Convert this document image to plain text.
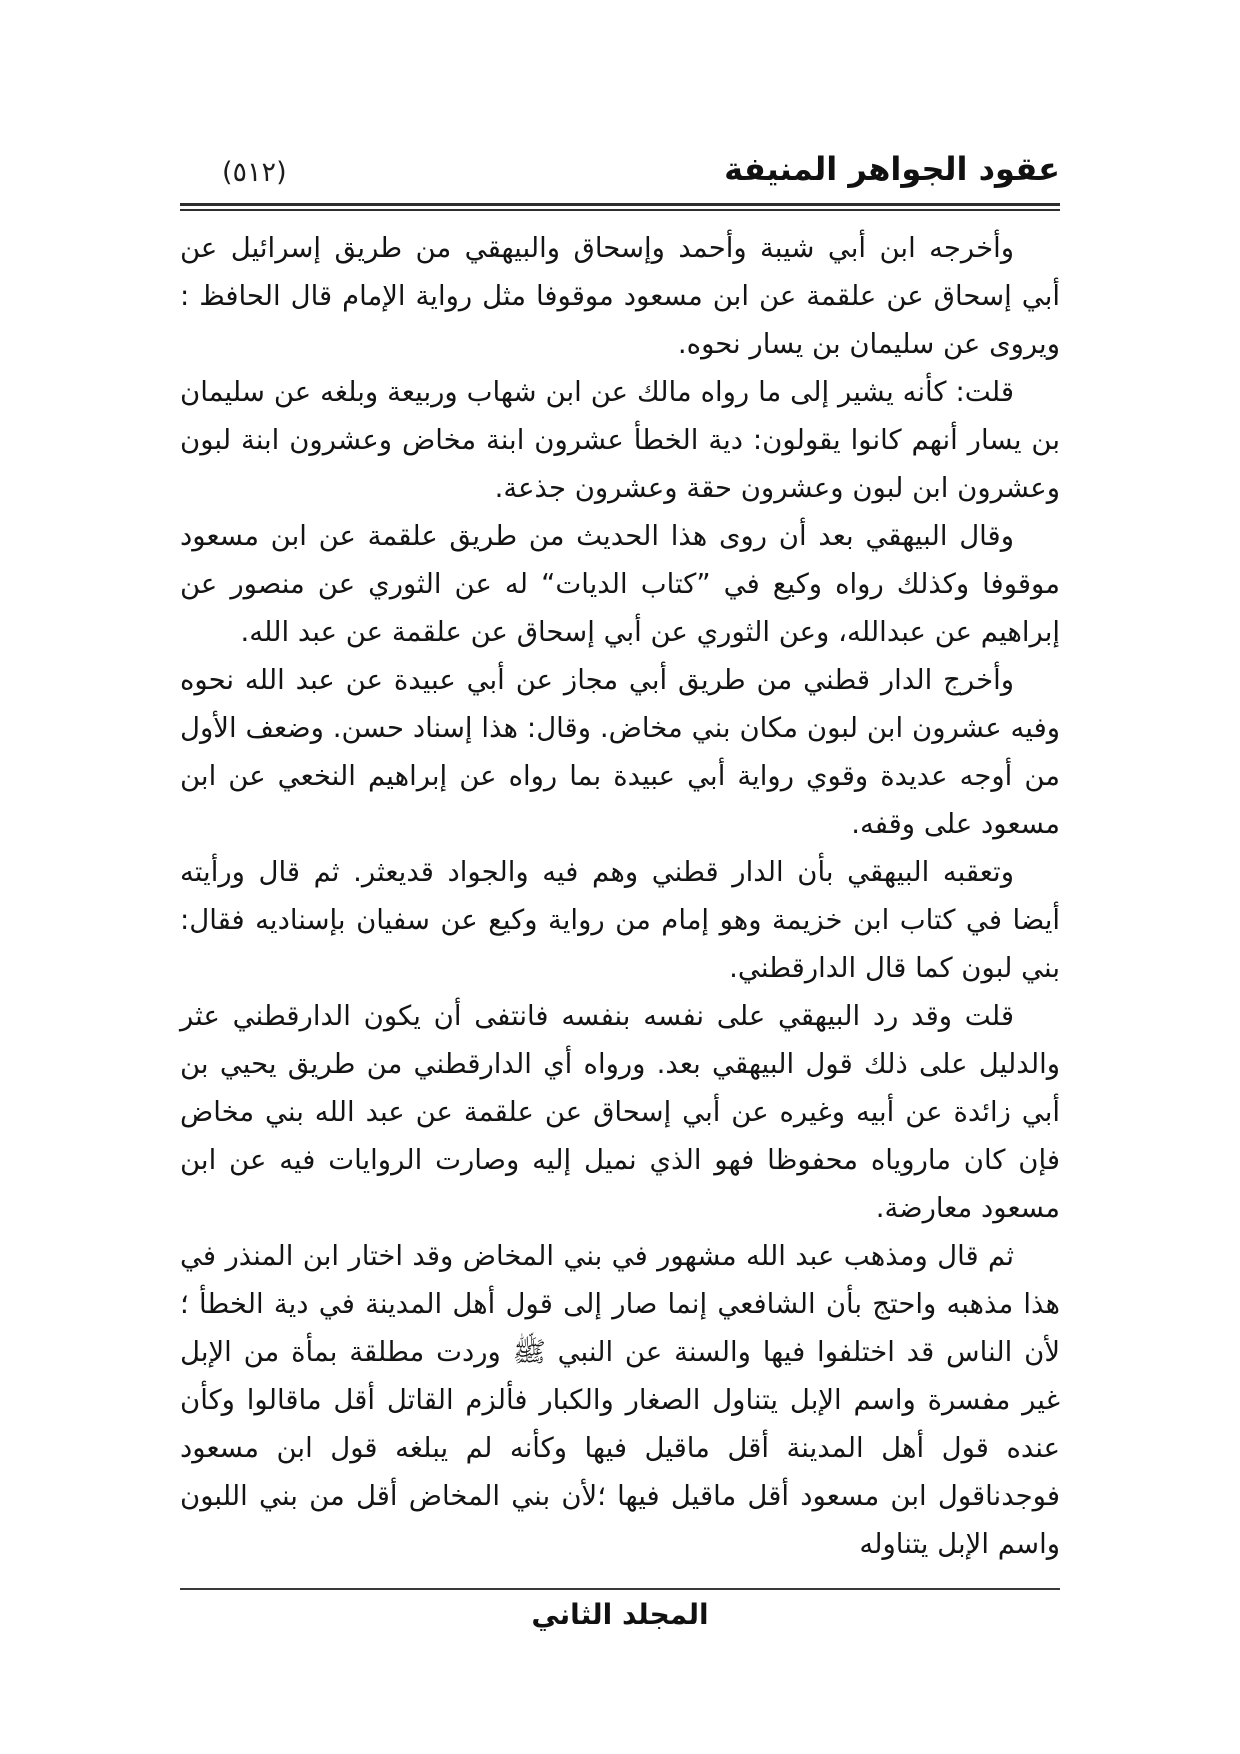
عقود الجواهر المنيفة
(٥١٢)

وأخرجه ابن أبي شيبة وأحمد وإسحاق والبيهقي من طريق إسرائيل عن أبي إسحاق عن علقمة عن ابن مسعود موقوفا مثل رواية الإمام قال الحافظ : ويروى عن سليمان بن يسار نحوه.

قلت: كأنه يشير إلى ما رواه مالك عن ابن شهاب وربيعة وبلغه عن سليمان بن يسار أنهم كانوا يقولون: دية الخطأ عشرون ابنة مخاض وعشرون ابنة لبون وعشرون ابن لبون وعشرون حقة وعشرون جذعة.

وقال البيهقي بعد أن روى هذا الحديث من طريق علقمة عن ابن مسعود موقوفا وكذلك رواه وكيع في ”كتاب الديات“ له عن الثوري عن منصور عن إبراهيم عن عبدالله، وعن الثوري عن أبي إسحاق عن علقمة عن عبد الله.

وأخرج الدار قطني من طريق أبي مجاز عن أبي عبيدة عن عبد الله نحوه وفيه عشرون ابن لبون مكان بني مخاض. وقال: هذا إسناد حسن. وضعف الأول من أوجه عديدة وقوي رواية أبي عبيدة بما رواه عن إبراهيم النخعي عن ابن مسعود على وقفه.

وتعقبه البيهقي بأن الدار قطني وهم فيه والجواد قديعثر. ثم قال ورأيته أيضا في كتاب ابن خزيمة وهو إمام من رواية وكيع عن سفيان بإسناديه فقال: بني لبون كما قال الدارقطني.

قلت وقد رد البيهقي على نفسه بنفسه فانتفى أن يكون الدارقطني عثر والدليل على ذلك قول البيهقي بعد. ورواه أي الدارقطني من طريق يحيي بن أبي زائدة عن أبيه وغيره عن أبي إسحاق عن علقمة عن عبد الله بني مخاض فإن كان ماروياه محفوظا فهو الذي نميل إليه وصارت الروايات فيه عن ابن مسعود معارضة.

ثم قال ومذهب عبد الله مشهور في بني المخاض وقد اختار ابن المنذر في هذا مذهبه واحتج بأن الشافعي إنما صار إلى قول أهل المدينة في دية الخطأ ؛ لأن الناس قد اختلفوا فيها والسنة عن النبي ﷺ وردت مطلقة بمأة من الإبل غير مفسرة واسم الإبل يتناول الصغار والكبار فألزم القاتل أقل ماقالوا وكأن عنده قول أهل المدينة أقل ماقيل فيها وكأنه لم يبلغه قول ابن مسعود فوجدناقول ابن مسعود أقل ماقيل فيها ؛لأن بني المخاض أقل من بني اللبون واسم الإبل يتناوله

المجلد الثاني
